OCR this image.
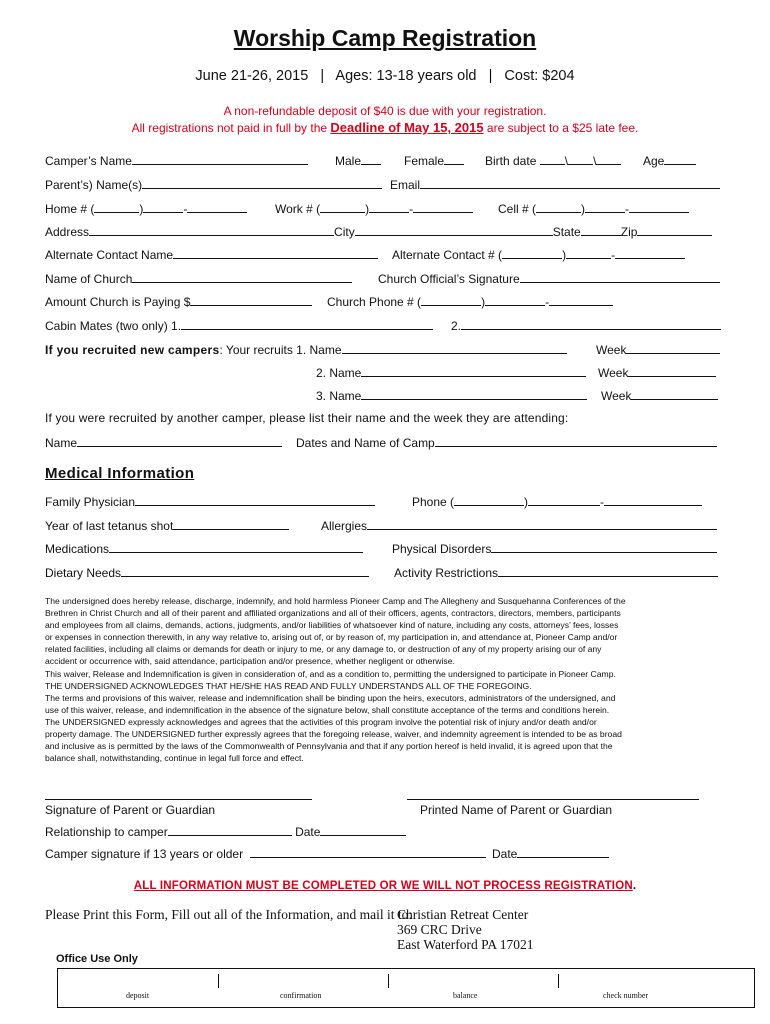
Worship Camp Registration
June 21-26, 2015   |   Ages: 13-18 years old   |   Cost: $204
A non-refundable deposit of $40 is due with your registration.
All registrations not paid in full by the Deadline of May 15, 2015 are subject to a $25 late fee.
Camper’s Name	Male	Female	Birth date \ \	Age
Parent’s) Name(s)	Email
Home # (	)	-	Work # (	)	-	Cell # (	)	-
Address	City	State	Zip
Alternate Contact Name	Alternate Contact # (	)	-
Name of Church	Church Official’s Signature
Amount Church is Paying $	Church Phone # (	)	-
Cabin Mates (two only) 1.	2.
If you recruited new campers: Your recruits 1. Name	Week
2. Name	Week
3. Name	Week
If you were recruited by another camper, please list their name and the week they are attending:
Name	Dates and Name of Camp
Medical Information
Family Physician	Phone (	)	-
Year of last tetanus shot	Allergies
Medications	Physical Disorders
Dietary Needs	Activity Restrictions
The undersigned does hereby release, discharge, indemnify, and hold harmless Pioneer Camp and The Allegheny and Susquehanna Conferences of the
Brethren in Christ Church and all of their parent and affiliated organizations and all of their officers, agents, contractors, directors, members, participants
and employees from all claims, demands, actions, judgments, and/or liabilities of whatsoever kind of nature, including any costs, attorneys’ fees, losses
or expenses in connection therewith, in any way relative to, arising out of, or by reason of, my participation in, and attendance at, Pioneer Camp and/or
related facilities, including all claims or demands for death or injury to me, or any damage to, or destruction of any of my property arising our of any
accident or occurrence with, said attendance, participation and/or presence, whether negligent or otherwise.
This waiver, Release and Indemnification is given in consideration of, and as a condition to, permitting the undersigned to participate in Pioneer Camp.
THE UNDERSIGNED ACKNOWLEDGES THAT HE/SHE HAS READ AND FULLY UNDERSTANDS ALL OF THE FOREGOING.
The terms and provisions of this waiver, release and indemnification shall be binding upon the heirs, executors, administrators of the undersigned, and
use of this waiver, release, and indemnification in the absence of the signature below, shall constitute acceptance of the terms and conditions herein.
The UNDERSIGNED expressly acknowledges and agrees that the activities of this program involve the potential risk of injury and/or death and/or
property damage. The UNDERSIGNED further expressly agrees that the foregoing release, waiver, and indemnity agreement is intended to be as broad
and inclusive as is permitted by the laws of the Commonwealth of Pennsylvania and that if any portion hereof is held invalid, it is agreed upon that the
balance shall, notwithstanding, continue in legal full force and effect.
Signature of Parent or Guardian	Printed Name of Parent or Guardian
Relationship to camper	Date
Camper signature if 13 years or older	Date
ALL INFORMATION MUST BE COMPLETED OR WE WILL NOT PROCESS REGISTRATION.
Please Print this Form, Fill out all of the Information, and mail it to:
Christian Retreat Center
369 CRC Drive
East Waterford PA 17021
Office Use Only
deposit	confirmation	balance	check number
